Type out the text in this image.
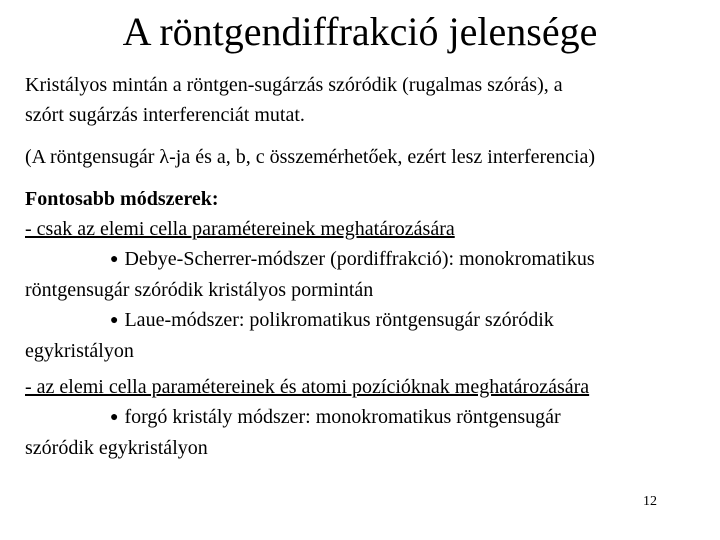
A röntgendiffrakció jelensége
Kristályos mintán a röntgen-sugárzás szóródik (rugalmas szórás), a
szórt sugárzás interferenciát mutat.
(A röntgensugár λ-ja és a, b, c összemérhetőek, ezért lesz interferencia)
Fontosabb módszerek:
- csak az elemi cella paramétereinek meghatározására
● Debye-Scherrer-módszer (pordiffrakció): monokromatikus
röntgensugár szóródik kristályos pormintán
● Laue-módszer: polikromatikus röntgensugár szóródik
egykristályon
- az elemi cella paramétereinek és atomi pozícióknak meghatározására
● forgó kristály módszer: monokromatikus röntgensugár
szóródik egykristályon
12
